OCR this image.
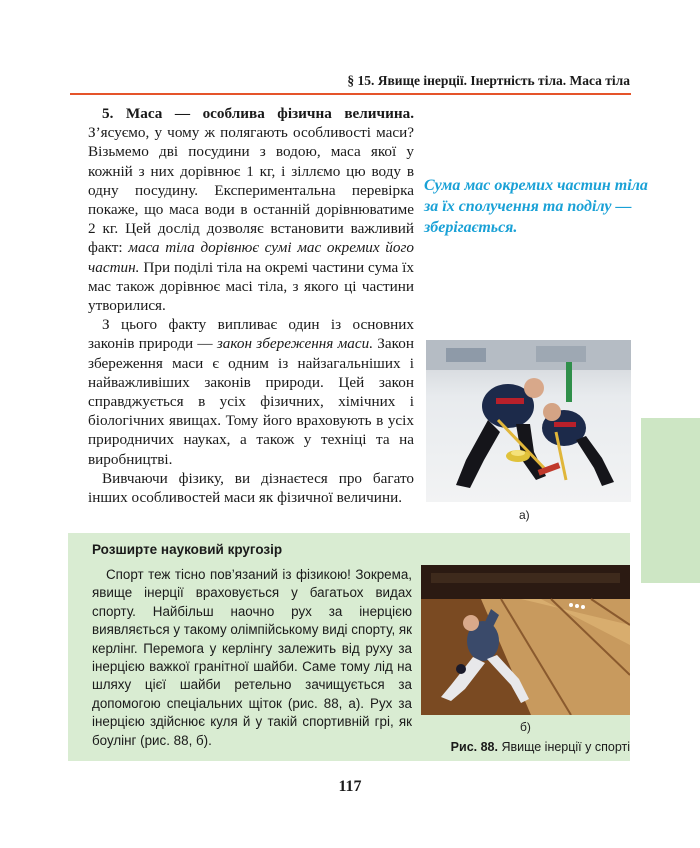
§ 15. Явище інерції. Інертність тіла. Маса тіла

5. Маса — особлива фізична величина. З’ясуємо, у чому ж полягають особливості маси? Візьмемо дві посудини з водою, маса якої у кожній з них дорівнює 1 кг, і зіллємо цю воду в одну посудину. Експериментальна перевірка покаже, що маса води в останній дорівнюватиме 2 кг. Цей дослід дозволяє встановити важливий факт: маса тіла дорівнює сумі мас окремих його частин. При поділі тіла на окремі частини сума їх мас також дорівнює масі тіла, з якого ці частини утворилися.

З цього факту випливає один із основних законів природи — закон збереження маси. Закон збереження маси є одним із найзагальніших і найважливіших законів природи. Цей закон справджується в усіх фізичних, хімічних і біологічних явищах. Тому його враховують в усіх природничих науках, а також у техніці та на виробництві.

Вивчаючи фізику, ви дізнаєтеся про багато інших особливостей маси як фізичної величини.

Сума мас окремих частин тіла за їх сполучення та поділу — зберігається.
а)
Розширте науковий кругозір

Спорт теж тісно пов’язаний із фізикою! Зокрема, явище інерції враховується у багатьох видах спорту. Найбільш наочно рух за інерцією виявляється у такому олімпійському виді спорту, як керлінг. Перемога у керлінгу залежить від руху за інерцією важкої гранітної шайби. Саме тому лід на шляху цієї шайби ретельно зачищується за допомогою спеціальних щіток (рис. 88, а). Рух за інерцією здійснює куля й у такій спортивній грі, як боулінг (рис. 88, б).

б)
Рис. 88. Явище інерції у спорті
117
